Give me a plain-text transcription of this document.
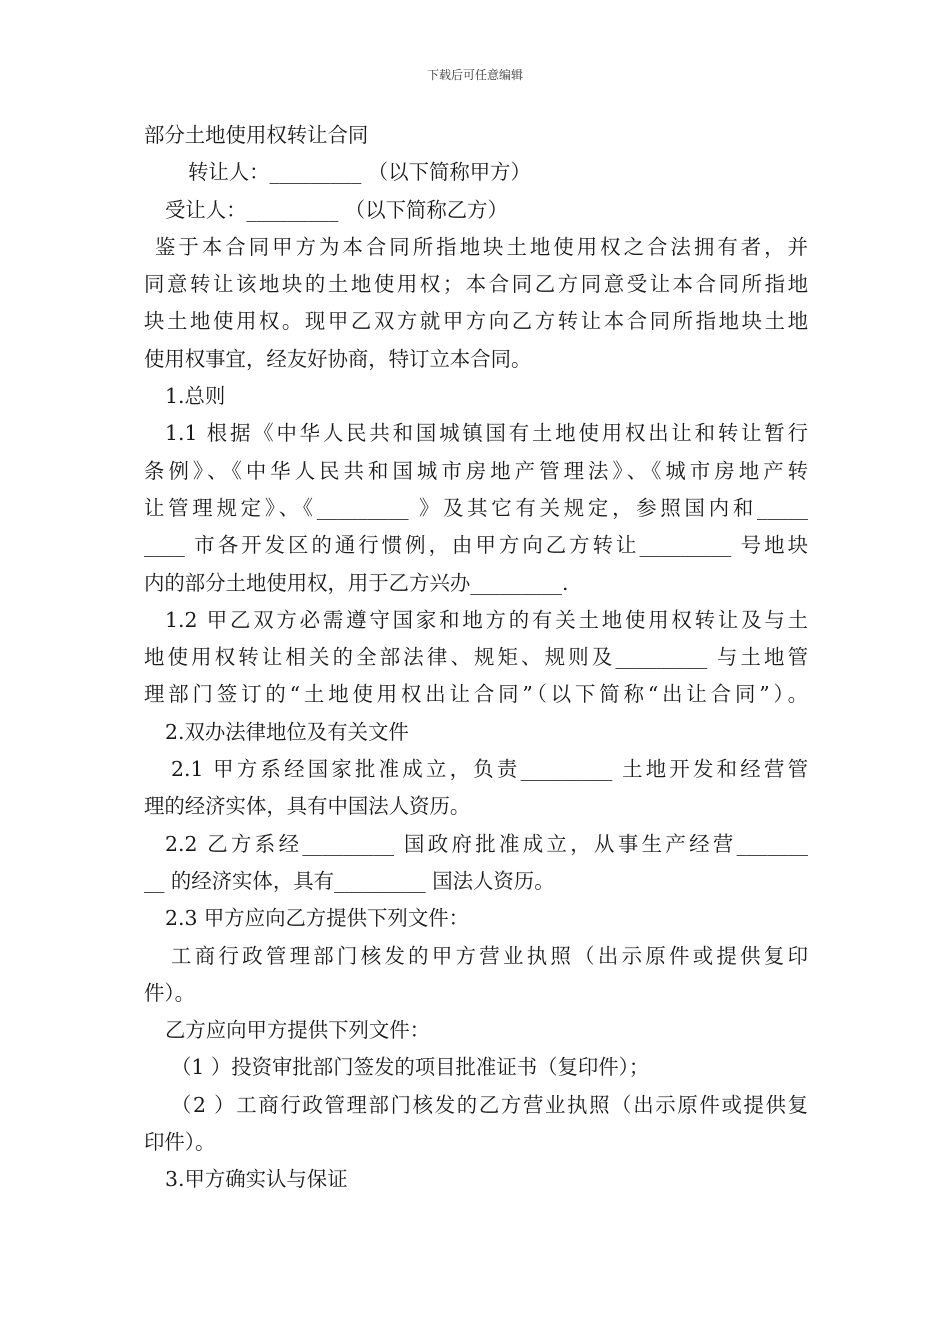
下载后可任意编辑
部分土地使用权转让合同
转让人：_________ （以下简称甲方）
受让人：_________ （以下简称乙方）
鉴于本合同甲方为本合同所指地块土地使用权之合法拥有者，并
同意转让该地块的土地使用权；本合同乙方同意受让本合同所指地
块土地使用权。现甲乙双方就甲方向乙方转让本合同所指地块土地
使用权事宜，经友好协商，特订立本合同。
1.总则
1.1 根据《中华人民共和国城镇国有土地使用权出让和转让暂行
条例》、《中华人民共和国城市房地产管理法》、《城市房地产转
让管理规定》、《_________ 》及其它有关规定，参照国内和_____
____ 市各开发区的通行惯例，由甲方向乙方转让_________ 号地块
内的部分土地使用权，用于乙方兴办_________.
1.2 甲乙双方必需遵守国家和地方的有关土地使用权转让及与土
地使用权转让相关的全部法律、规矩、规则及_________ 与土地管
理部门签订的“土地使用权出让合同”（以下简称“出让合同”）。
2.双办法律地位及有关文件
2.1 甲方系经国家批准成立，负责_________ 土地开发和经营管
理的经济实体，具有中国法人资历。
2.2 乙方系经_________ 国政府批准成立，从事生产经营_______
__ 的经济实体，具有_________ 国法人资历。
2.3 甲方应向乙方提供下列文件：
工商行政管理部门核发的甲方营业执照（出示原件或提供复印
件）。
乙方应向甲方提供下列文件：
（1 ）投资审批部门签发的项目批准证书（复印件）；
（2 ）工商行政管理部门核发的乙方营业执照（出示原件或提供复
印件）。
3.甲方确实认与保证
